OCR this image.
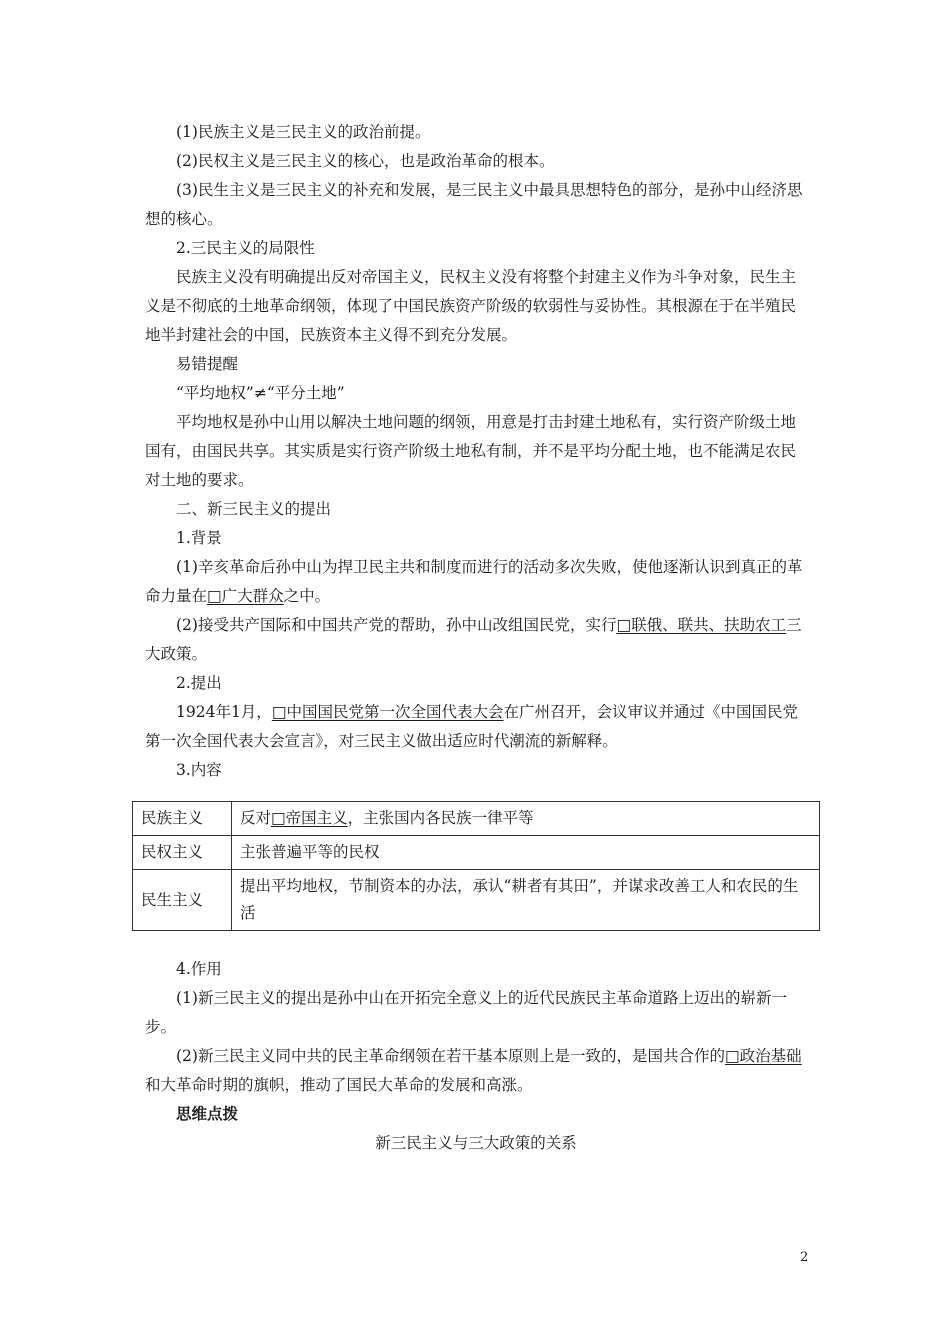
(1)民族主义是三民主义的政治前提。

(2)民权主义是三民主义的核心，也是政治革命的根本。

(3)民生主义是三民主义的补充和发展，是三民主义中最具思想特色的部分，是孙中山经济思想的核心。

2.三民主义的局限性

民族主义没有明确提出反对帝国主义，民权主义没有将整个封建主义作为斗争对象，民生主义是不彻底的土地革命纲领，体现了中国民族资产阶级的软弱性与妥协性。其根源在于在半殖民地半封建社会的中国，民族资本主义得不到充分发展。

易错提醒

“平均地权”≠“平分土地”

平均地权是孙中山用以解决土地问题的纲领，用意是打击封建土地私有，实行资产阶级土地国有，由国民共享。其实质是实行资产阶级土地私有制，并不是平均分配土地，也不能满足农民对土地的要求。

二、新三民主义的提出

1.背景

(1)辛亥革命后孙中山为捍卫民主共和制度而进行的活动多次失败，使他逐渐认识到真正的革命力量在□广大群众之中。

(2)接受共产国际和中国共产党的帮助，孙中山改组国民党，实行□联俄、联共、扶助农工三大政策。

2.提出

1924年1月，□中国国民党第一次全国代表大会在广州召开，会议审议并通过《中国国民党第一次全国代表大会宣言》，对三民主义做出适应时代潮流的新解释。

3.内容

民族主义	反对□帝国主义，主张国内各民族一律平等
民权主义	主张普遍平等的民权
民生主义	提出平均地权，节制资本的办法，承认“耕者有其田”，并谋求改善工人和农民的生活

4.作用

(1)新三民主义的提出是孙中山在开拓完全意义上的近代民族民主革命道路上迈出的崭新一步。

(2)新三民主义同中共的民主革命纲领在若干基本原则上是一致的，是国共合作的□政治基础和大革命时期的旗帜，推动了国民大革命的发展和高涨。

思维点拨

新三民主义与三大政策的关系

2
